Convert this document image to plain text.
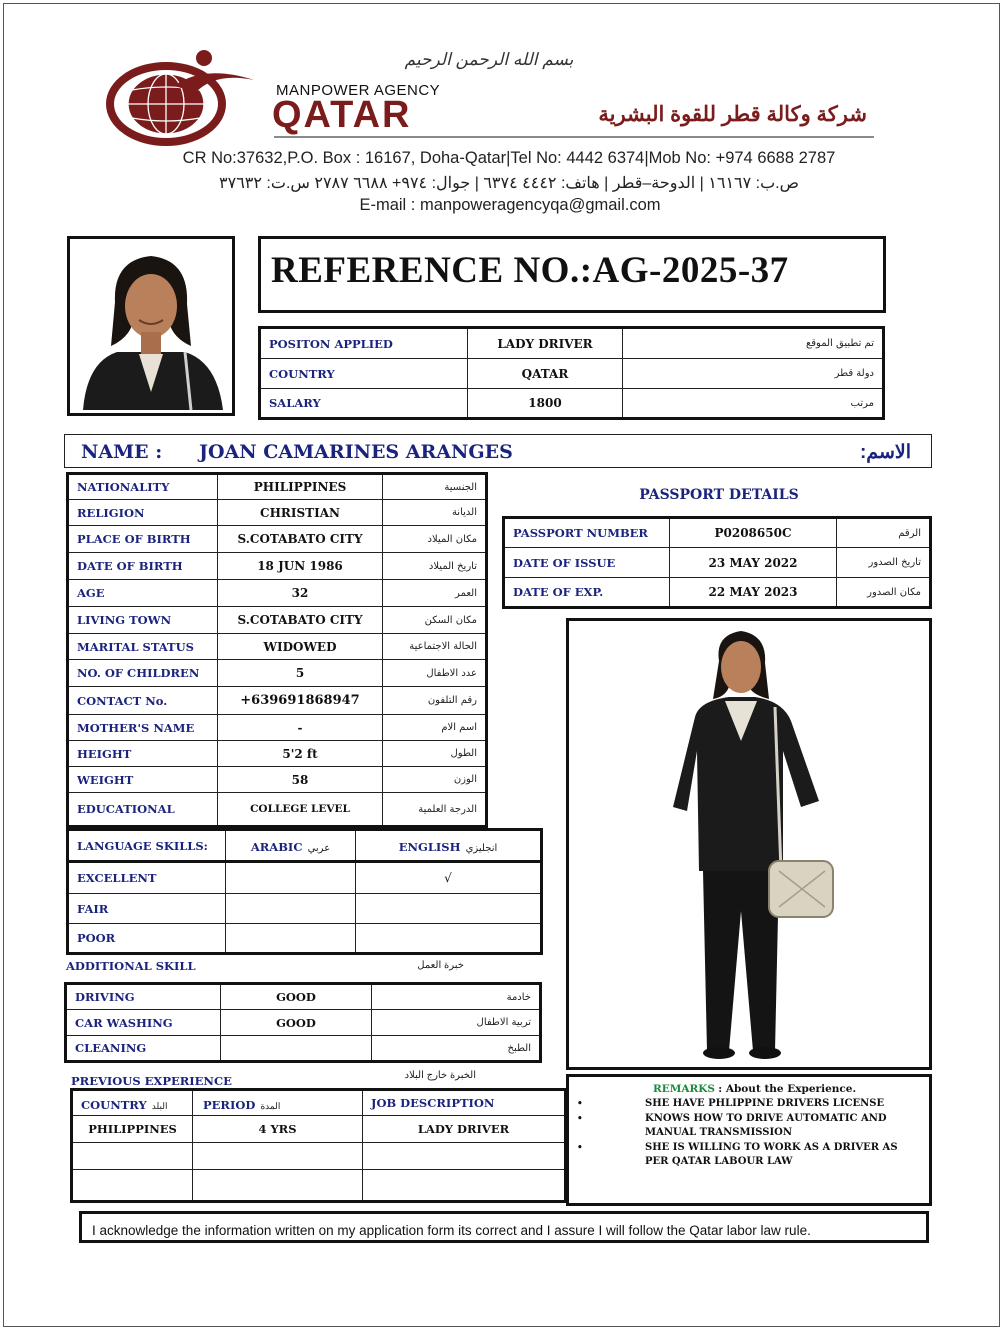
بسم الله الرحمن الرحيم
MANPOWER AGENCY
QATAR	شركة وكالة قطر للقوة البشرية
CR No:37632,P.O. Box : 16167, Doha-Qatar|Tel No: 4442 6374|Mob No: +974 6688 2787
ص.ب: ١٦١٦٧ | الدوحة–قطر | هاتف: ٤٤٤٢ ٦٣٧٤ | جوال: ٩٧٤+ ٦٦٨٨ ٢٧٨٧ س.ت: ٣٧٦٣٢
E-mail : manpoweragencyqa@gmail.com
REFERENCE NO.:AG-2025-37
POSITON APPLIED	LADY DRIVER	تم تطبيق الموقع
COUNTRY	QATAR	دولة قطر
SALARY	1800	مرتب
NAME : JOAN CAMARINES ARANGES	الاسم:
NATIONALITY	PHILIPPINES	الجنسية
RELIGION	CHRISTIAN	الديانة
PLACE OF BIRTH	S.COTABATO CITY	مكان الميلاد
DATE OF BIRTH	18 JUN 1986	تاريخ الميلاد
AGE	32	العمر
LIVING TOWN	S.COTABATO CITY	مكان السكن
MARITAL STATUS	WIDOWED	الحالة الاجتماعية
NO. OF CHILDREN	5	عدد الاطفال
CONTACT No.	+639691868947	رقم التلفون
MOTHER'S NAME	-	اسم الام
HEIGHT	5'2 ft	الطول
WEIGHT	58	الوزن
EDUCATIONAL	COLLEGE LEVEL	الدرجة العلمية
PASSPORT DETAILS
PASSPORT NUMBER	P0208650C	الرقم
DATE OF ISSUE	23 MAY 2022	تاريخ الصدور
DATE OF EXP.	22 MAY 2023	مكان الصدور
LANGUAGE SKILLS:	ARABIC عربي	ENGLISH انجليزي
EXCELLENT		√
FAIR		
POOR		
ADDITIONAL SKILL	خبرة العمل
DRIVING	GOOD	خادمة
CAR WASHING	GOOD	تربية الاطفال
CLEANING		الطبخ
PREVIOUS EXPERIENCE	الخبرة خارج البلاد
COUNTRY البلد	PERIOD المدة	JOB DESCRIPTION
PHILIPPINES	4 YRS	LADY DRIVER

REMARKS : About the Experience.
•	SHE HAVE PHLIPPINE DRIVERS LICENSE
•	KNOWS HOW TO DRIVE AUTOMATIC AND MANUAL TRANSMISSION
•	SHE IS WILLING TO WORK AS A DRIVER AS PER QATAR LABOUR LAW
I acknowledge the information written on my application form its correct and I assure I will follow the Qatar labor law rule.
